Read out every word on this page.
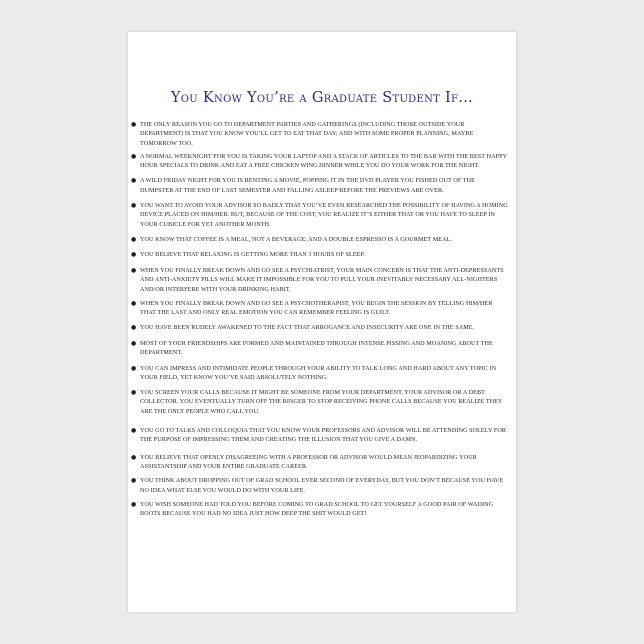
You Know You’re a Graduate Student If…
● THE ONLY REASON YOU GO TO DEPARTMENT PARTIES AND GATHERINGS (INCLUDING THOSE OUTSIDE YOUR DEPARTMENT) IS THAT YOU KNOW YOU’LL GET TO EAT THAT DAY; AND WITH SOME PROPER PLANNING, MAYBE TOMORROW TOO.
● A NORMAL WEEKNIGHT FOR YOU IS TAKING YOUR LAPTOP AND A STACK OF ARTICLES TO THE BAR WITH THE BEST HAPPY HOUR SPECIALS TO DRINK AND EAT A FREE CHICKEN WING DINNER WHILE YOU DO YOUR WORK FOR THE NIGHT.
● A WILD FRIDAY NIGHT FOR YOU IS RENTING A MOVIE, POPPING IT IN THE DVD PLAYER YOU FISHED OUT OF THE DUMPSTER AT THE END OF LAST SEMESTER AND FALLING ASLEEP BEFORE THE PREVIEWS ARE OVER.
● YOU WANT TO AVOID YOUR ADVISOR SO BADLY THAT YOU’VE EVEN RESEARCHED THE POSSIBILITY OF HAVING A HOMING DEVICE PLACED ON HIM/HER. BUT, BECAUSE OF THE COST, YOU REALIZE IT’S EITHER THAT OR YOU HAVE TO SLEEP IN YOUR CUBICLE FOR YET ANOTHER MONTH.
● YOU KNOW THAT COFFEE IS A MEAL, NOT A BEVERAGE; AND A DOUBLE ESPRESSO IS A GOURMET MEAL.
● YOU BELIEVE THAT RELAXING IS GETTING MORE THAN 3 HOURS OF SLEEP.
● WHEN YOU FINALLY BREAK DOWN AND GO SEE A PSYCHIATRIST, YOUR MAIN CONCERN IS THAT THE ANTI-DEPRESSANTS AND ANTI-ANXIETY PILLS WILL MAKE IT IMPOSSIBLE FOR YOU TO PULL YOUR INEVITABLY NECESSARY ALL-NIGHTERS AND/OR INTERFERE WITH YOUR DRINKING HABIT.
● WHEN YOU FINALLY BREAK DOWN AND GO SEE A PSYCHOTHERAPIST, YOU BEGIN THE SESSION BY TELLING HIM/HER THAT THE LAST AND ONLY REAL EMOTION YOU CAN REMEMBER FEELING IS GUILT.
● YOU HAVE BEEN RUDELY AWAKENED TO THE FACT THAT ARROGANCE AND INSECURITY ARE ONE IN THE SAME.
● MOST OF YOUR FRIENDSHIPS ARE FORMED AND MAINTAINED THROUGH INTENSE PISSING AND MOANING ABOUT THE DEPARTMENT.
● YOU CAN IMPRESS AND INTIMIDATE PEOPLE THROUGH YOUR ABILITY TO TALK LONG AND HARD ABOUT ANY TOPIC IN YOUR FIELD, YET KNOW YOU’VE SAID ABSOLUTELY NOTHING.
● YOU SCREEN YOUR CALLS BECAUSE IT MIGHT BE SOMEONE FROM YOUR DEPARTMENT, YOUR ADVISOR OR A DEBT COLLECTOR. YOU EVENTUALLY TURN OFF THE RINGER TO STOP RECEIVING PHONE CALLS BECAUSE YOU REALIZE THEY ARE THE ONLY PEOPLE WHO CALL YOU.
● YOU GO TO TALKS AND COLLOQUIA THAT YOU KNOW YOUR PROFESSORS AND ADVISOR WILL BE ATTENDING SOLELY FOR THE PURPOSE OF IMPRESSING THEM AND CREATING THE ILLUSION THAT YOU GIVE A DAMN.
● YOU BELIEVE THAT OPENLY DISAGREEING WITH A PROFESSOR OR ADVISOR WOULD MEAN JEOPARDIZING YOUR ASSISTANTSHIP AND YOUR ENTIRE GRADUATE CAREER.
● YOU THINK ABOUT DROPPING OUT OF GRAD SCHOOL EVER SECOND OF EVERYDAY, BUT YOU DON’T BECAUSE YOU HAVE NO IDEA WHAT ELSE YOU WOULD DO WITH YOUR LIFE.
● YOU WISH SOMEONE HAD TOLD YOU BEFORE COMING TO GRAD SCHOOL TO GET YOURSELF A GOOD PAIR OF WADING BOOTS BECAUSE YOU HAD NO IDEA JUST HOW DEEP THE SHIT WOULD GET!
